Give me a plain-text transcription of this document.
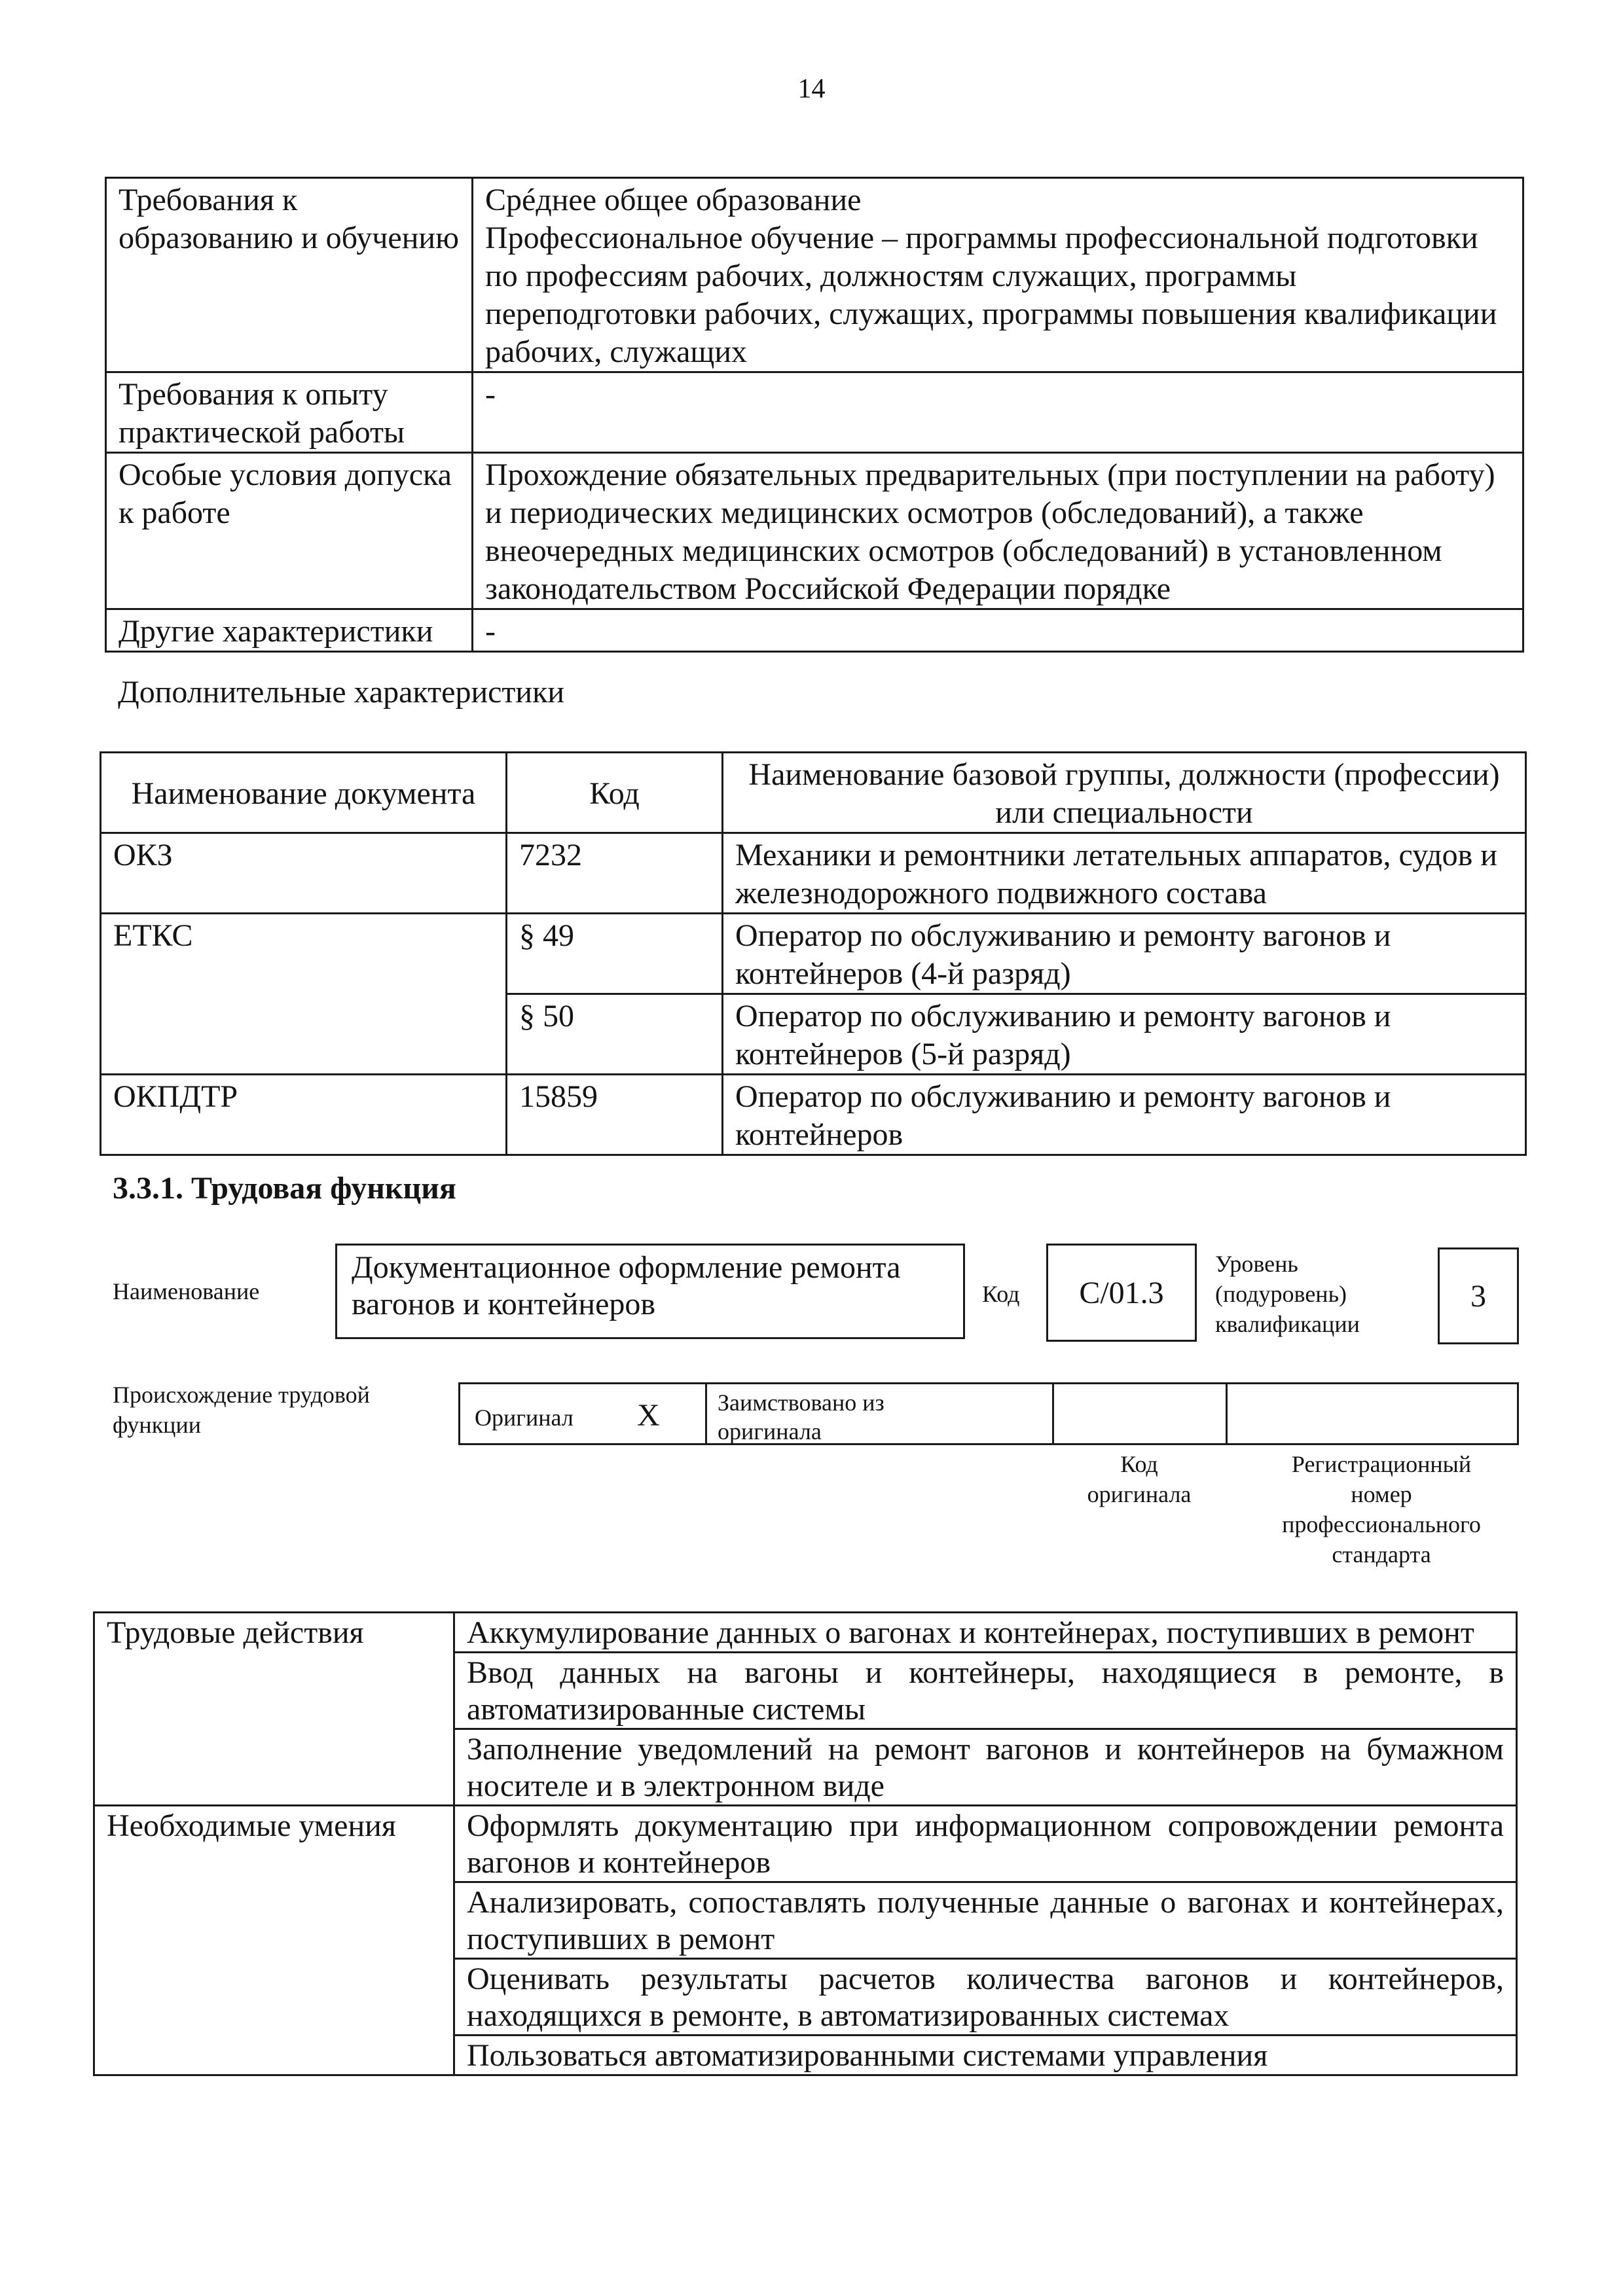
14
Требования к образованию и обучению	Срéднее общее образование
Профессиональное обучение – программы профессиональной подготовки по профессиям рабочих, должностям служащих, программы переподготовки рабочих, служащих, программы повышения квалификации рабочих, служащих

Требования к опыту практической работы	-
Особые условия допуска к работе	Прохождение обязательных предварительных (при поступлении на работу) и периодических медицинских осмотров (обследований), а также внеочередных медицинских осмотров (обследований) в установленном законодательством Российской Федерации порядке
Другие характеристики	-
Дополнительные характеристики
Наименование документа	Код	Наименование базовой группы, должности (профессии) или специальности
ОКЗ	7232	Механики и ремонтники летательных аппаратов, судов и железнодорожного подвижного состава
ЕТКС	§ 49	Оператор по обслуживанию и ремонту вагонов и контейнеров (4-й разряд)
	§ 50	Оператор по обслуживанию и ремонту вагонов и контейнеров (5-й разряд)
ОКПДТР	15859	Оператор по обслуживанию и ремонту вагонов и контейнеров
3.3.1. Трудовая функция
Наименование
Документационное оформление ремонта вагонов и контейнеров	Код С/01.3
Уровень
(подуровень)
квалификации
3
Происхождение трудовой
функции	Оригинал X Заимствовано из
оригинала
Код
оригинала
Регистрационный
номер
профессионального
стандарта
Трудовые действия	Аккумулирование данных о вагонах и контейнерах, поступивших в ремонт
	Ввод данных на вагоны и контейнеры, находящиеся в ремонте, в автоматизированные системы
	Заполнение уведомлений на ремонт вагонов и контейнеров на бумажном носителе и в электронном виде
Необходимые умения	Оформлять документацию при информационном сопровождении ремонта вагонов и контейнеров
	Анализировать, сопоставлять полученные данные о вагонах и контейнерах, поступивших в ремонт
	Оценивать результаты расчетов количества вагонов и контейнеров, находящихся в ремонте, в автоматизированных системах
	Пользоваться автоматизированными системами управления
